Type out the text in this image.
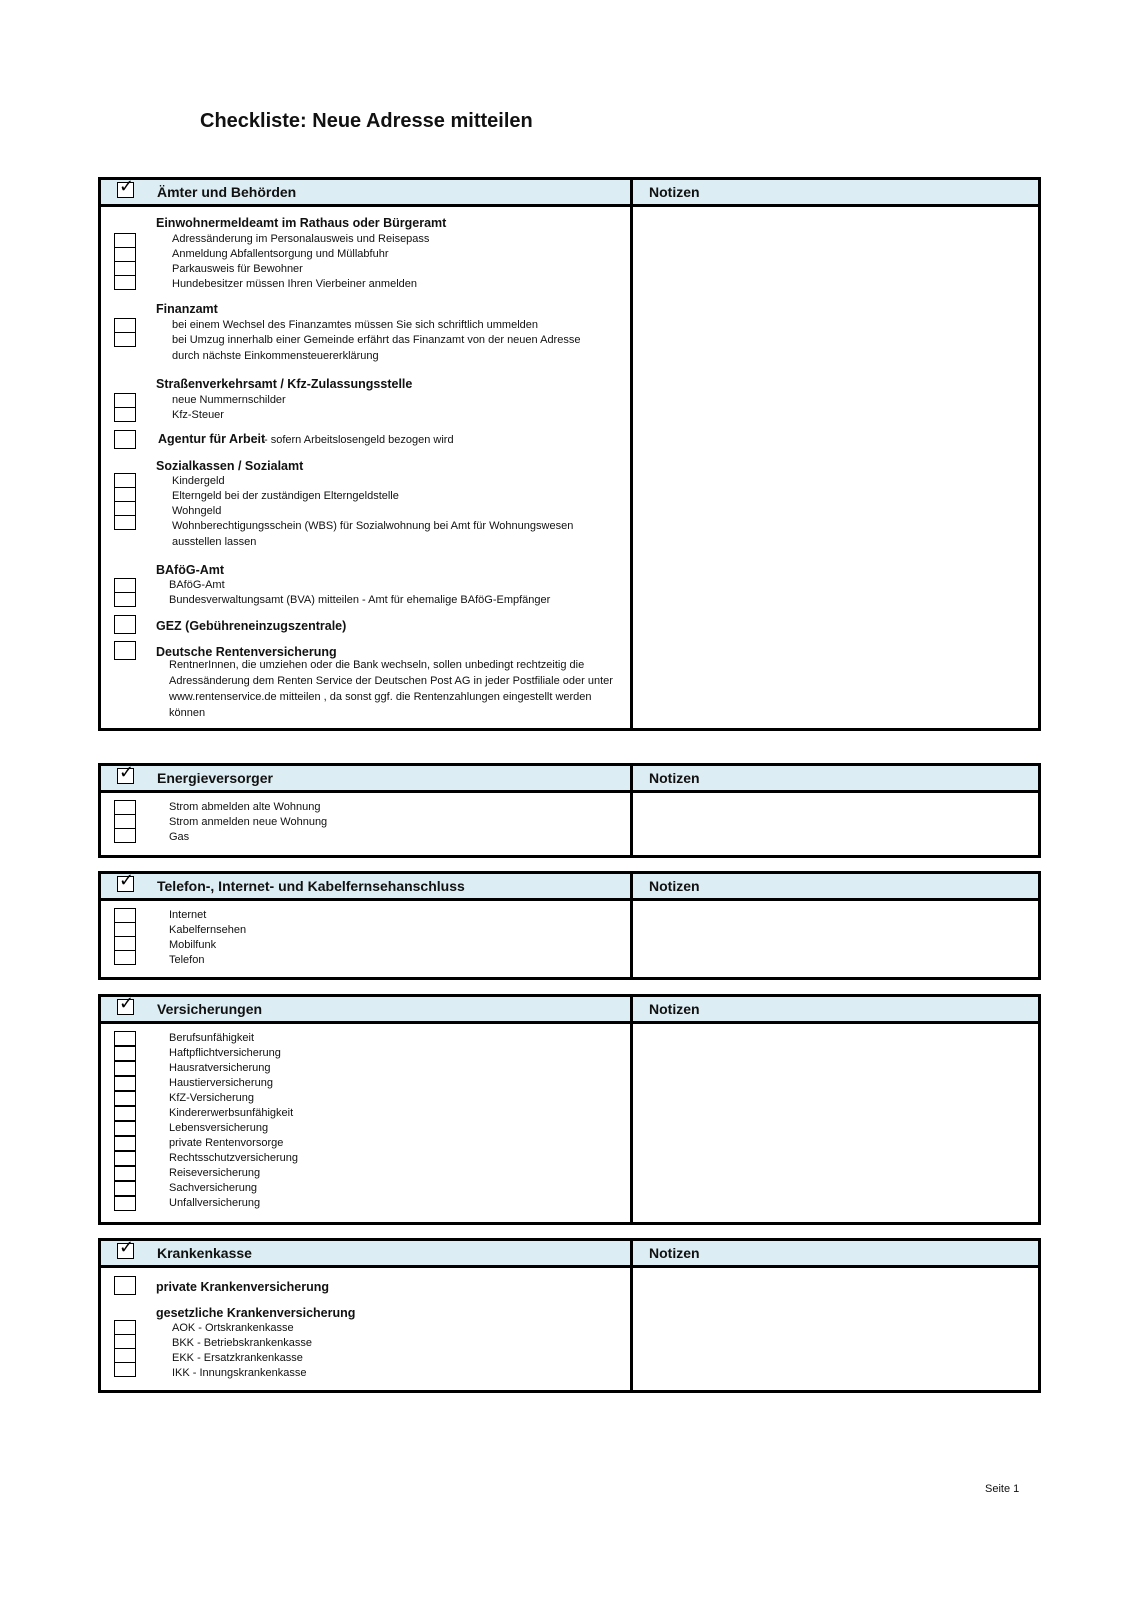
Checkliste: Neue Adresse mitteilen
✓ Ämter und Behörden	Notizen
Einwohnermeldeamt im Rathaus oder Bürgeramt
Adressänderung im Personalausweis und Reisepass
Anmeldung Abfallentsorgung und Müllabfuhr
Parkausweis für Bewohner
Hundebesitzer müssen Ihren Vierbeiner anmelden
Finanzamt
bei einem Wechsel des Finanzamtes müssen Sie sich schriftlich ummelden
bei Umzug innerhalb einer Gemeinde erfährt das Finanzamt von der neuen Adresse
durch nächste Einkommensteuererklärung
Straßenverkehrsamt / Kfz-Zulassungsstelle
neue Nummernschilder
Kfz-Steuer
Agentur für Arbeit
- sofern Arbeitslosengeld bezogen wird
Sozialkassen / Sozialamt
Kindergeld
Elterngeld bei der zuständigen Elterngeldstelle
Wohngeld
Wohnberechtigungsschein (WBS) für Sozialwohnung bei Amt für Wohnungswesen
ausstellen lassen
BAföG-Amt
BAföG-Amt
Bundesverwaltungsamt (BVA) mitteilen - Amt für ehemalige BAföG-Empfänger
GEZ (Gebühreneinzugszentrale)
Deutsche Rentenversicherung
RentnerInnen, die umziehen oder die Bank wechseln, sollen unbedingt rechtzeitig die
Adressänderung dem Renten Service der Deutschen Post AG in jeder Postfiliale oder unter
www.rentenservice.de mitteilen , da sonst ggf. die Rentenzahlungen eingestellt werden
können
✓ Energieversorger	Notizen
Strom abmelden alte Wohnung
Strom anmelden neue Wohnung
Gas
✓ Telefon-, Internet- und Kabelfernsehanschluss	Notizen
Internet
Kabelfernsehen
Mobilfunk
Telefon
✓ Versicherungen	Notizen
Berufsunfähigkeit
Haftpflichtversicherung
Hausratversicherung
Haustierversicherung
KfZ-Versicherung
Kindererwerbsunfähigkeit
Lebensversicherung
private Rentenvorsorge
Rechtsschutzversicherung
Reiseversicherung
Sachversicherung
Unfallversicherung
✓ Krankenkasse	Notizen
private Krankenversicherung
gesetzliche Krankenversicherung
AOK - Ortskrankenkasse
BKK - Betriebskrankenkasse
EKK - Ersatzkrankenkasse
IKK - Innungskrankenkasse
Seite 1
